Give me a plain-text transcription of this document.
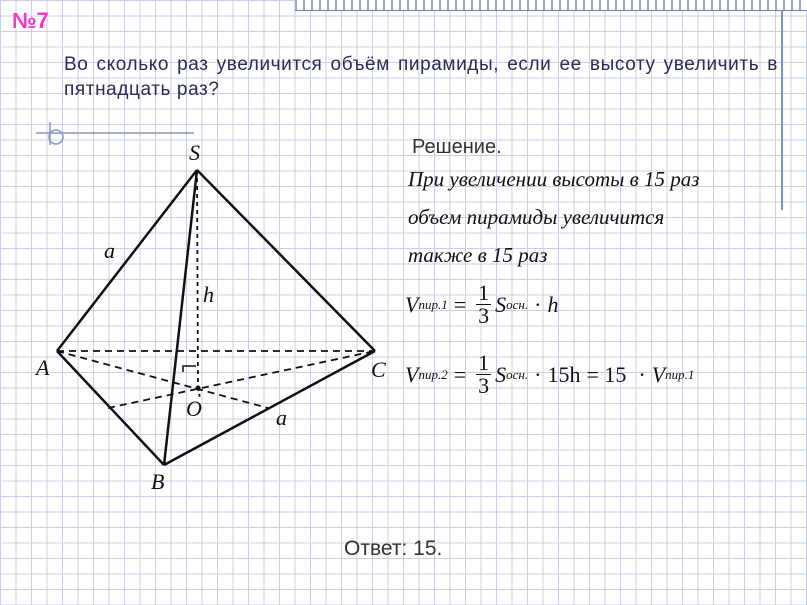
№7
Во сколько раз увеличится объём пирамиды, если ее высоту увеличить в пятнадцать раз?
S
A
B
C
O
h
a
a
Решение.
При увеличении высоты в 15 раз
объем пирамиды увеличится
также в 15 раз
V $пир.1 = \frac{1}{3}$ S осн. · h
V $пир.2 = \frac{1}{3}$ S осн. · 15h = 15 · V пир.1
Ответ: 15.
